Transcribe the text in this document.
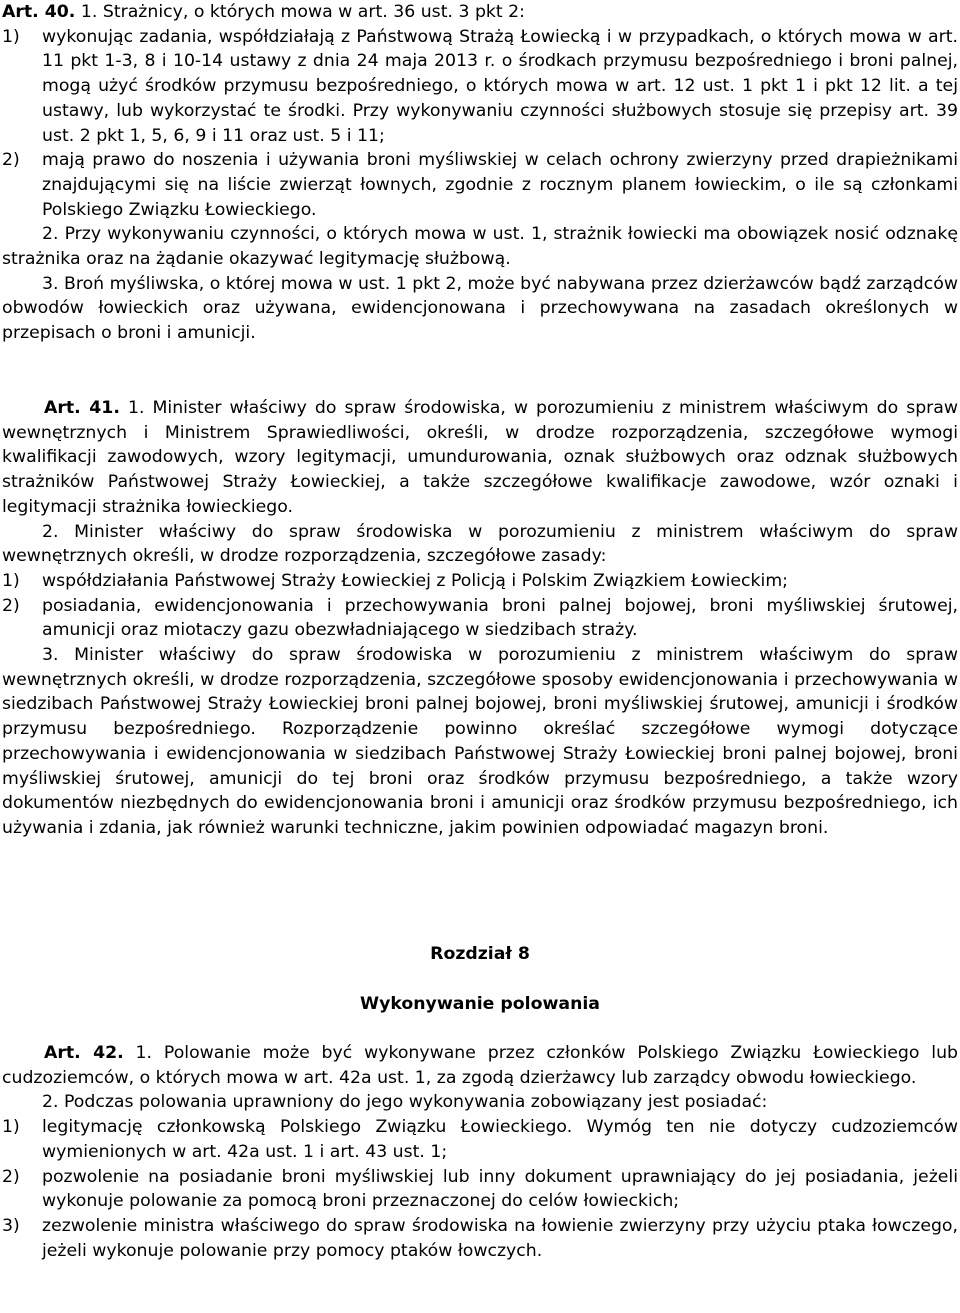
Art. 40. 1. Strażnicy, o których mowa w art. 36 ust. 3 pkt 2:

1) wykonując zadania, współdziałają z Państwową Strażą Łowiecką i w przypadkach, o których mowa w art. 11 pkt 1-3, 8 i 10-14 ustawy z dnia 24 maja 2013 r. o środkach przymusu bezpośredniego i broni palnej, mogą użyć środków przymusu bezpośredniego, o których mowa w art. 12 ust. 1 pkt 1 i pkt 12 lit. a tej ustawy, lub wykorzystać te środki. Przy wykonywaniu czynności służbowych stosuje się przepisy art. 39 ust. 2 pkt 1, 5, 6, 9 i 11 oraz ust. 5 i 11;
2) mają prawo do noszenia i używania broni myśliwskiej w celach ochrony zwierzyny przed drapieżnikami znajdującymi się na liście zwierząt łownych, zgodnie z rocznym planem łowieckim, o ile są członkami Polskiego Związku Łowieckiego.

2. Przy wykonywaniu czynności, o których mowa w ust. 1, strażnik łowiecki ma obowiązek nosić odznakę strażnika oraz na żądanie okazywać legitymację służbową.

3. Broń myśliwska, o której mowa w ust. 1 pkt 2, może być nabywana przez dzierżawców bądź zarządców obwodów łowieckich oraz używana, ewidencjonowana i przechowywana na zasadach określonych w przepisach o broni i amunicji.

Art. 41. 1. Minister właściwy do spraw środowiska, w porozumieniu z ministrem właściwym do spraw wewnętrznych i Ministrem Sprawiedliwości, określi, w drodze rozporządzenia, szczegółowe wymogi kwalifikacji zawodowych, wzory legitymacji, umundurowania, oznak służbowych oraz odznak służbowych strażników Państwowej Straży Łowieckiej, a także szczegółowe kwalifikacje zawodowe, wzór oznaki i legitymacji strażnika łowieckiego.

2. Minister właściwy do spraw środowiska w porozumieniu z ministrem właściwym do spraw wewnętrznych określi, w drodze rozporządzenia, szczegółowe zasady:

1) współdziałania Państwowej Straży Łowieckiej z Policją i Polskim Związkiem Łowieckim;
2) posiadania, ewidencjonowania i przechowywania broni palnej bojowej, broni myśliwskiej śrutowej, amunicji oraz miotaczy gazu obezwładniającego w siedzibach straży.

3. Minister właściwy do spraw środowiska w porozumieniu z ministrem właściwym do spraw wewnętrznych określi, w drodze rozporządzenia, szczegółowe sposoby ewidencjonowania i przechowywania w siedzibach Państwowej Straży Łowieckiej broni palnej bojowej, broni myśliwskiej śrutowej, amunicji i środków przymusu bezpośredniego. Rozporządzenie powinno określać szczegółowe wymogi dotyczące przechowywania i ewidencjonowania w siedzibach Państwowej Straży Łowieckiej broni palnej bojowej, broni myśliwskiej śrutowej, amunicji do tej broni oraz środków przymusu bezpośredniego, a także wzory dokumentów niezbędnych do ewidencjonowania broni i amunicji oraz środków przymusu bezpośredniego, ich używania i zdania, jak również warunki techniczne, jakim powinien odpowiadać magazyn broni.

Rozdział 8
Wykonywanie polowania

Art. 42. 1. Polowanie może być wykonywane przez członków Polskiego Związku Łowieckiego lub cudzoziemców, o których mowa w art. 42a ust. 1, za zgodą dzierżawcy lub zarządcy obwodu łowieckiego.

2. Podczas polowania uprawniony do jego wykonywania zobowiązany jest posiadać:

1) legitymację członkowską Polskiego Związku Łowieckiego. Wymóg ten nie dotyczy cudzoziemców wymienionych w art. 42a ust. 1 i art. 43 ust. 1;
2) pozwolenie na posiadanie broni myśliwskiej lub inny dokument uprawniający do jej posiadania, jeżeli wykonuje polowanie za pomocą broni przeznaczonej do celów łowieckich;
3) zezwolenie ministra właściwego do spraw środowiska na łowienie zwierzyny przy użyciu ptaka łowczego, jeżeli wykonuje polowanie przy pomocy ptaków łowczych.
